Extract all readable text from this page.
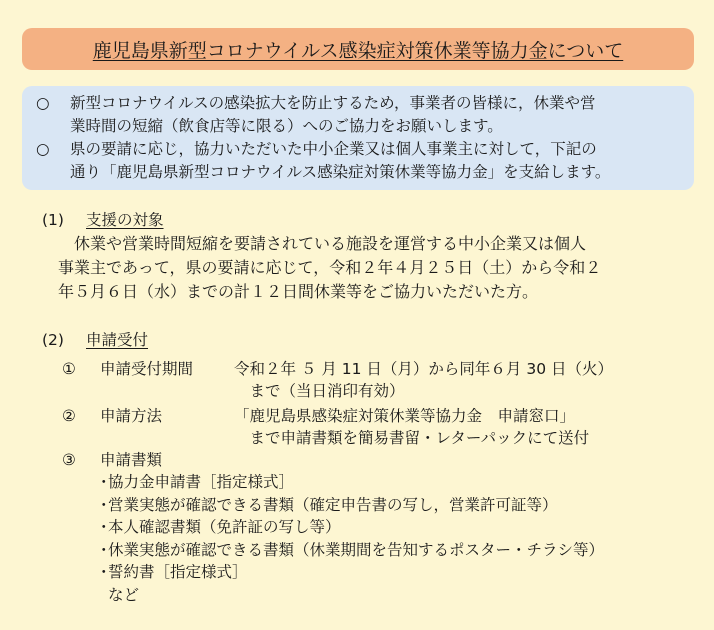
鹿児島県新型コロナウイルス感染症対策休業等協力金について
○	新型コロナウイルスの感染拡大を防止するため，事業者の皆様に，休業や営
業時間の短縮（飲食店等に限る）へのご協力をお願いします。
○	県の要請に応じ，協力いただいた中小企業又は個人事業主に対して，下記の
通り「鹿児島県新型コロナウイルス感染症対策休業等協力金」を支給します。
(1) 支援の対象
　休業や営業時間短縮を要請されている施設を運営する中小企業又は個人
事業主であって，県の要請に応じて，令和２年４月２５日（土）から令和２
年５月６日（水）までの計１２日間休業等をご協力いただいた方。
(2) 申請受付
① 申請受付期間	令和２年 ５ 月 11 日（月）から同年６月 30 日（火）
　まで（当日消印有効）
② 申請方法	「鹿児島県感染症対策休業等協力金　申請窓口」
　まで申請書類を簡易書留・レターパックにて送付
③ 申請書類
・協力金申請書［指定様式］
・営業実態が確認できる書類（確定申告書の写し，営業許可証等）
・本人確認書類（免許証の写し等）
・休業実態が確認できる書類（休業期間を告知するポスター・チラシ等）
・誓約書［指定様式］
など
